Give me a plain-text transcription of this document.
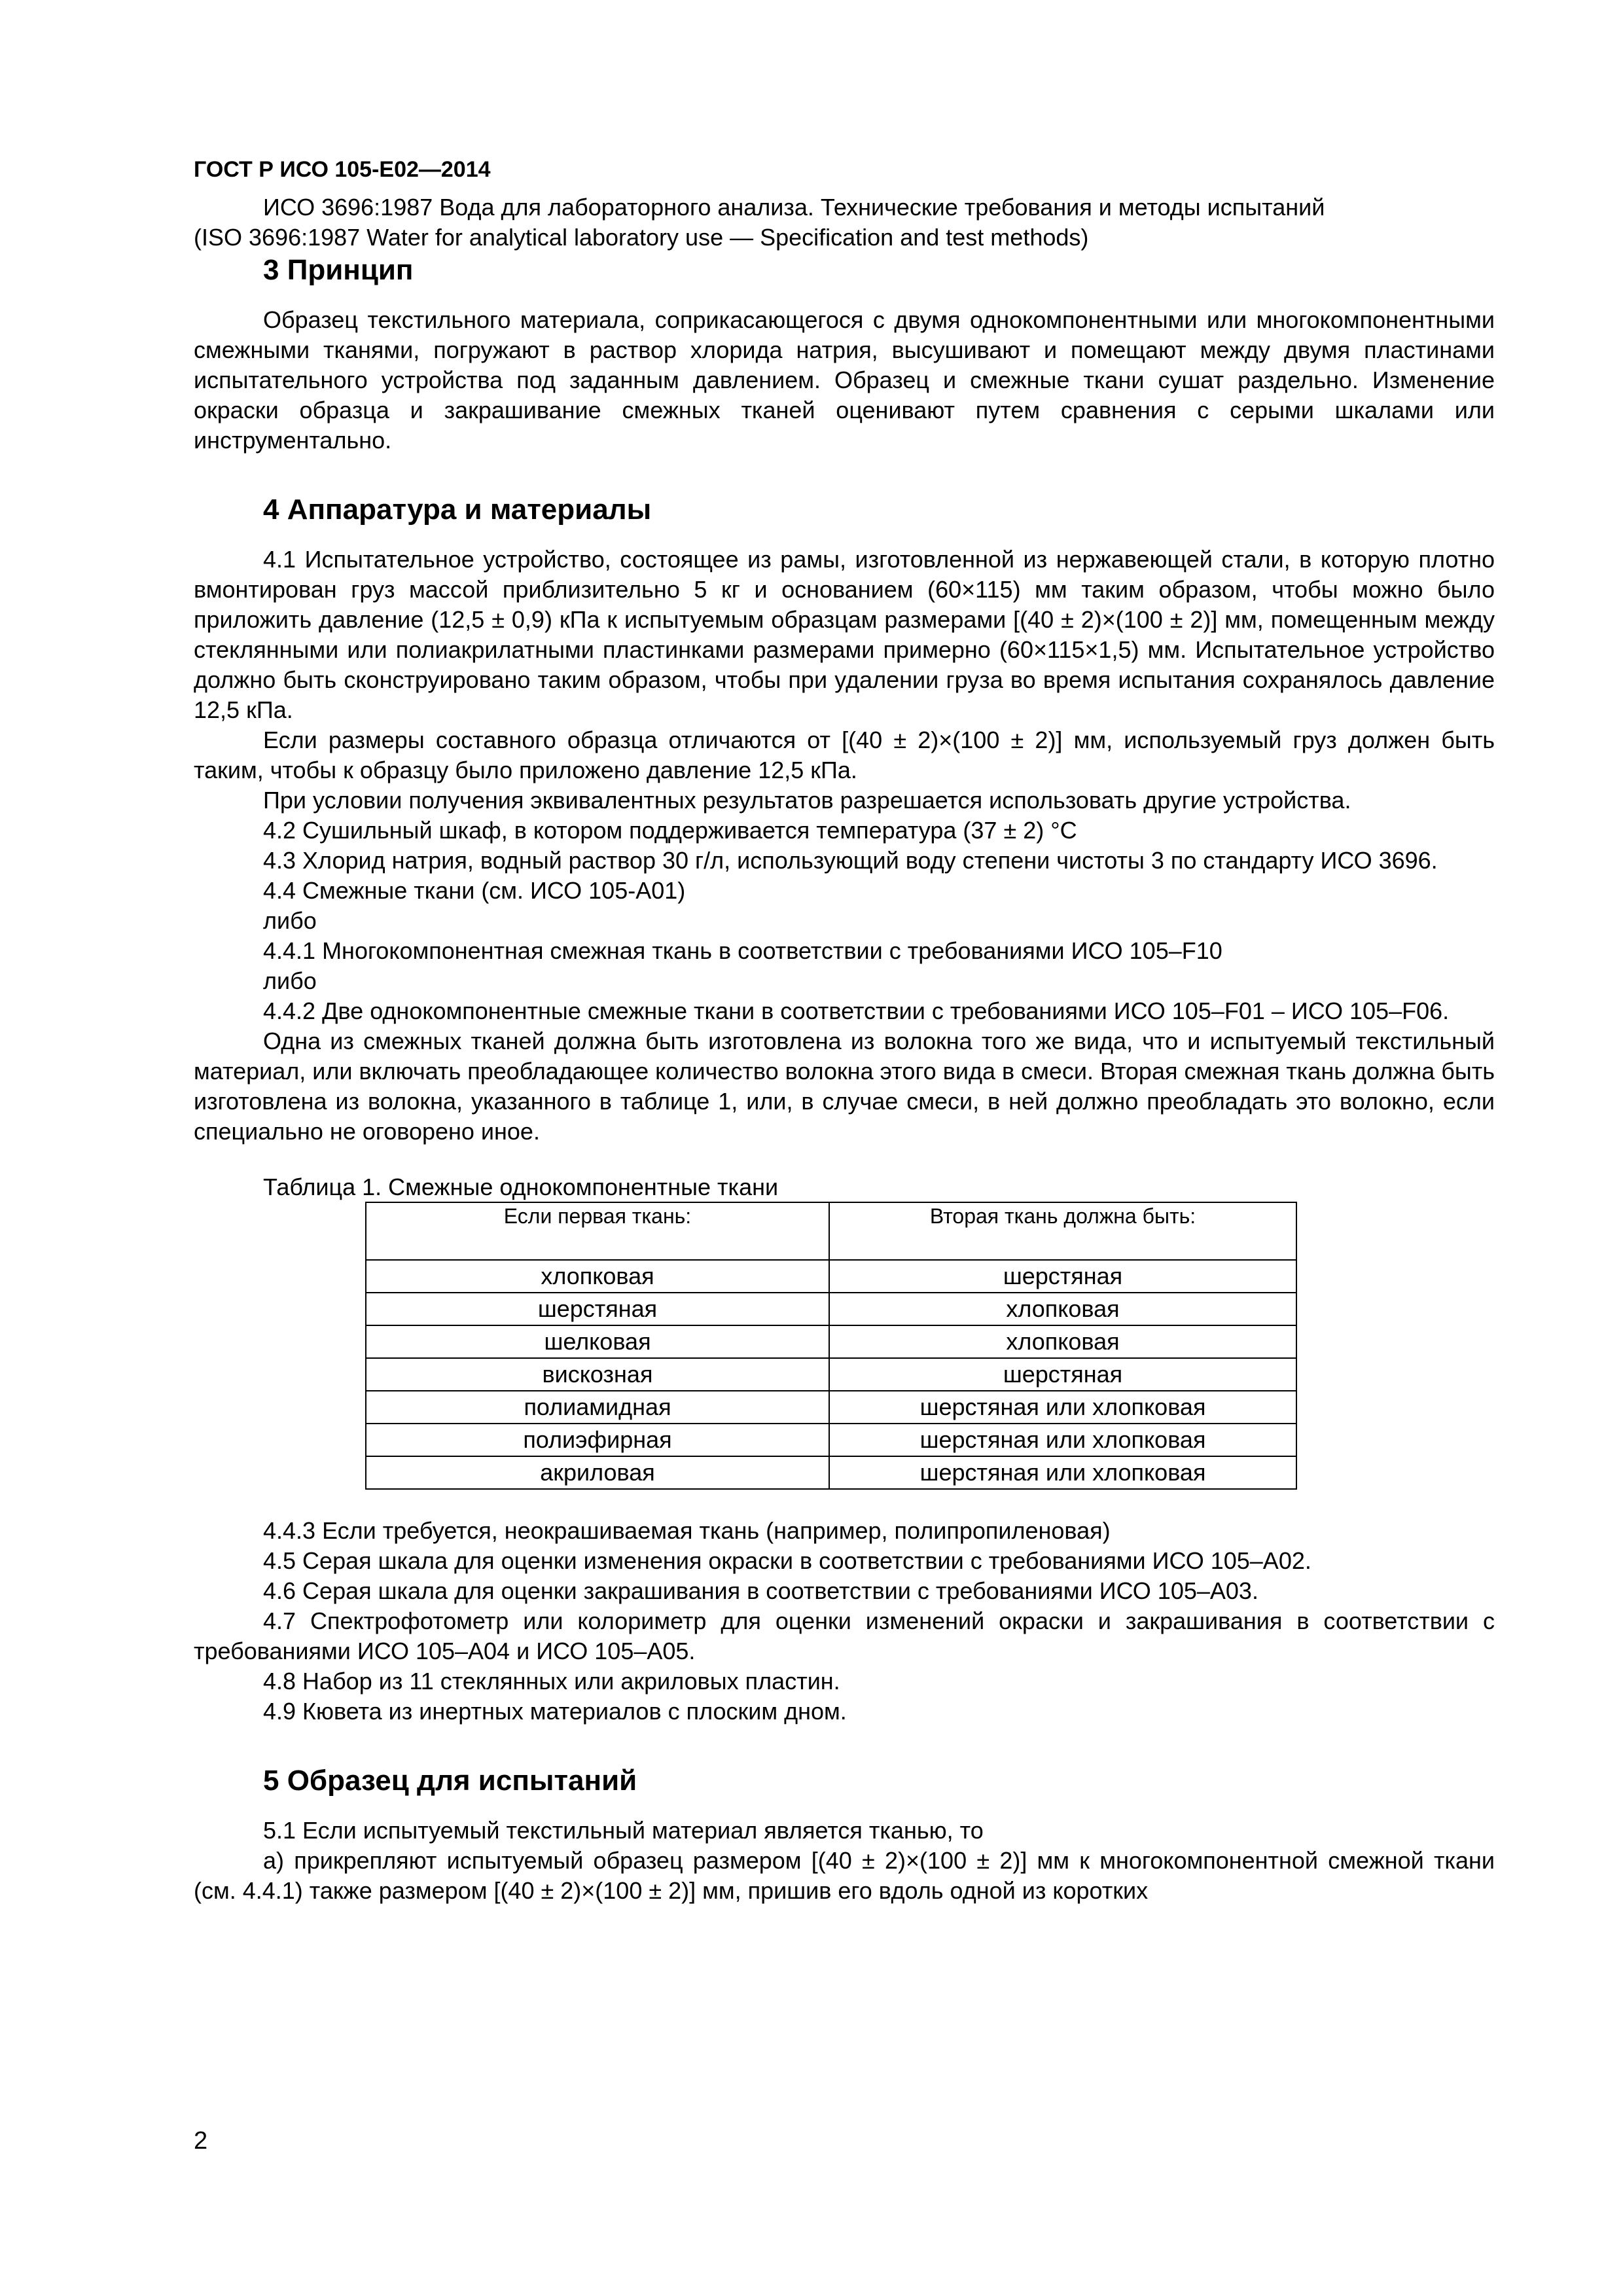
ГОСТ Р ИСО 105-E02—2014

ИСО 3696:1987 Вода для лабораторного анализа. Технические требования и методы испытаний

(ISO 3696:1987 Water for analytical laboratory use — Specification and test methods)

3 Принцип

Образец текстильного материала, соприкасающегося с двумя однокомпонентными или многокомпонентными смежными тканями, погружают в раствор хлорида натрия, высушивают и помещают между двумя пластинами испытательного устройства под заданным давлением. Образец и смежные ткани сушат раздельно. Изменение окраски образца и закрашивание смежных тканей оценивают путем сравнения с серыми шкалами или инструментально.

4 Аппаратура и материалы

4.1 Испытательное устройство, состоящее из рамы, изготовленной из нержавеющей стали, в которую плотно вмонтирован груз массой приблизительно 5 кг и основанием (60×115) мм таким образом, чтобы можно было приложить давление (12,5 ± 0,9) кПа к испытуемым образцам размерами [(40 ± 2)×(100 ± 2)] мм, помещенным между стеклянными или полиакрилатными пластинками размерами примерно (60×115×1,5) мм. Испытательное устройство должно быть сконструировано таким образом, чтобы при удалении груза во время испытания сохранялось давление 12,5 кПа.

Если размеры составного образца отличаются от [(40 ± 2)×(100 ± 2)] мм, используемый груз должен быть таким, чтобы к образцу было приложено давление 12,5 кПа.

При условии получения эквивалентных результатов разрешается использовать другие устройства.

4.2 Сушильный шкаф, в котором поддерживается температура (37 ± 2) °С

4.3 Хлорид натрия, водный раствор 30 г/л, использующий воду степени чистоты 3 по стандарту ИСО 3696.

4.4 Смежные ткани (см. ИСО 105-A01)

либо

4.4.1 Многокомпонентная смежная ткань в соответствии с требованиями ИСО 105–F10

либо

4.4.2 Две однокомпонентные смежные ткани в соответствии с требованиями ИСО 105–F01 – ИСО 105–F06.

Одна из смежных тканей должна быть изготовлена из волокна того же вида, что и испытуемый текстильный материал, или включать преобладающее количество волокна этого вида в смеси. Вторая смежная ткань должна быть изготовлена из волокна, указанного в таблице 1, или, в случае смеси, в ней должно преобладать это волокно, если специально не оговорено иное.

Таблица 1. Смежные однокомпонентные ткани

Если первая ткань:	Вторая ткань должна быть:
хлопковая	шерстяная
шерстяная	хлопковая
шелковая	хлопковая
вискозная	шерстяная
полиамидная	шерстяная или хлопковая
полиэфирная	шерстяная или хлопковая
акриловая	шерстяная или хлопковая

4.4.3 Если требуется, неокрашиваемая ткань (например, полипропиленовая)

4.5 Серая шкала для оценки изменения окраски в соответствии с требованиями ИСО 105–A02.

4.6 Серая шкала для оценки закрашивания в соответствии с требованиями ИСО 105–A03.

4.7 Спектрофотометр или колориметр для оценки изменений окраски и закрашивания в соответствии с требованиями ИСО 105–A04 и ИСО 105–A05.

4.8 Набор из 11 стеклянных или акриловых пластин.

4.9 Кювета из инертных материалов с плоским дном.

5 Образец для испытаний

5.1 Если испытуемый текстильный материал является тканью, то

а) прикрепляют испытуемый образец размером [(40 ± 2)×(100 ± 2)] мм к многокомпонентной смежной ткани (см. 4.4.1) также размером [(40 ± 2)×(100 ± 2)] мм, пришив его вдоль одной из коротких

2
